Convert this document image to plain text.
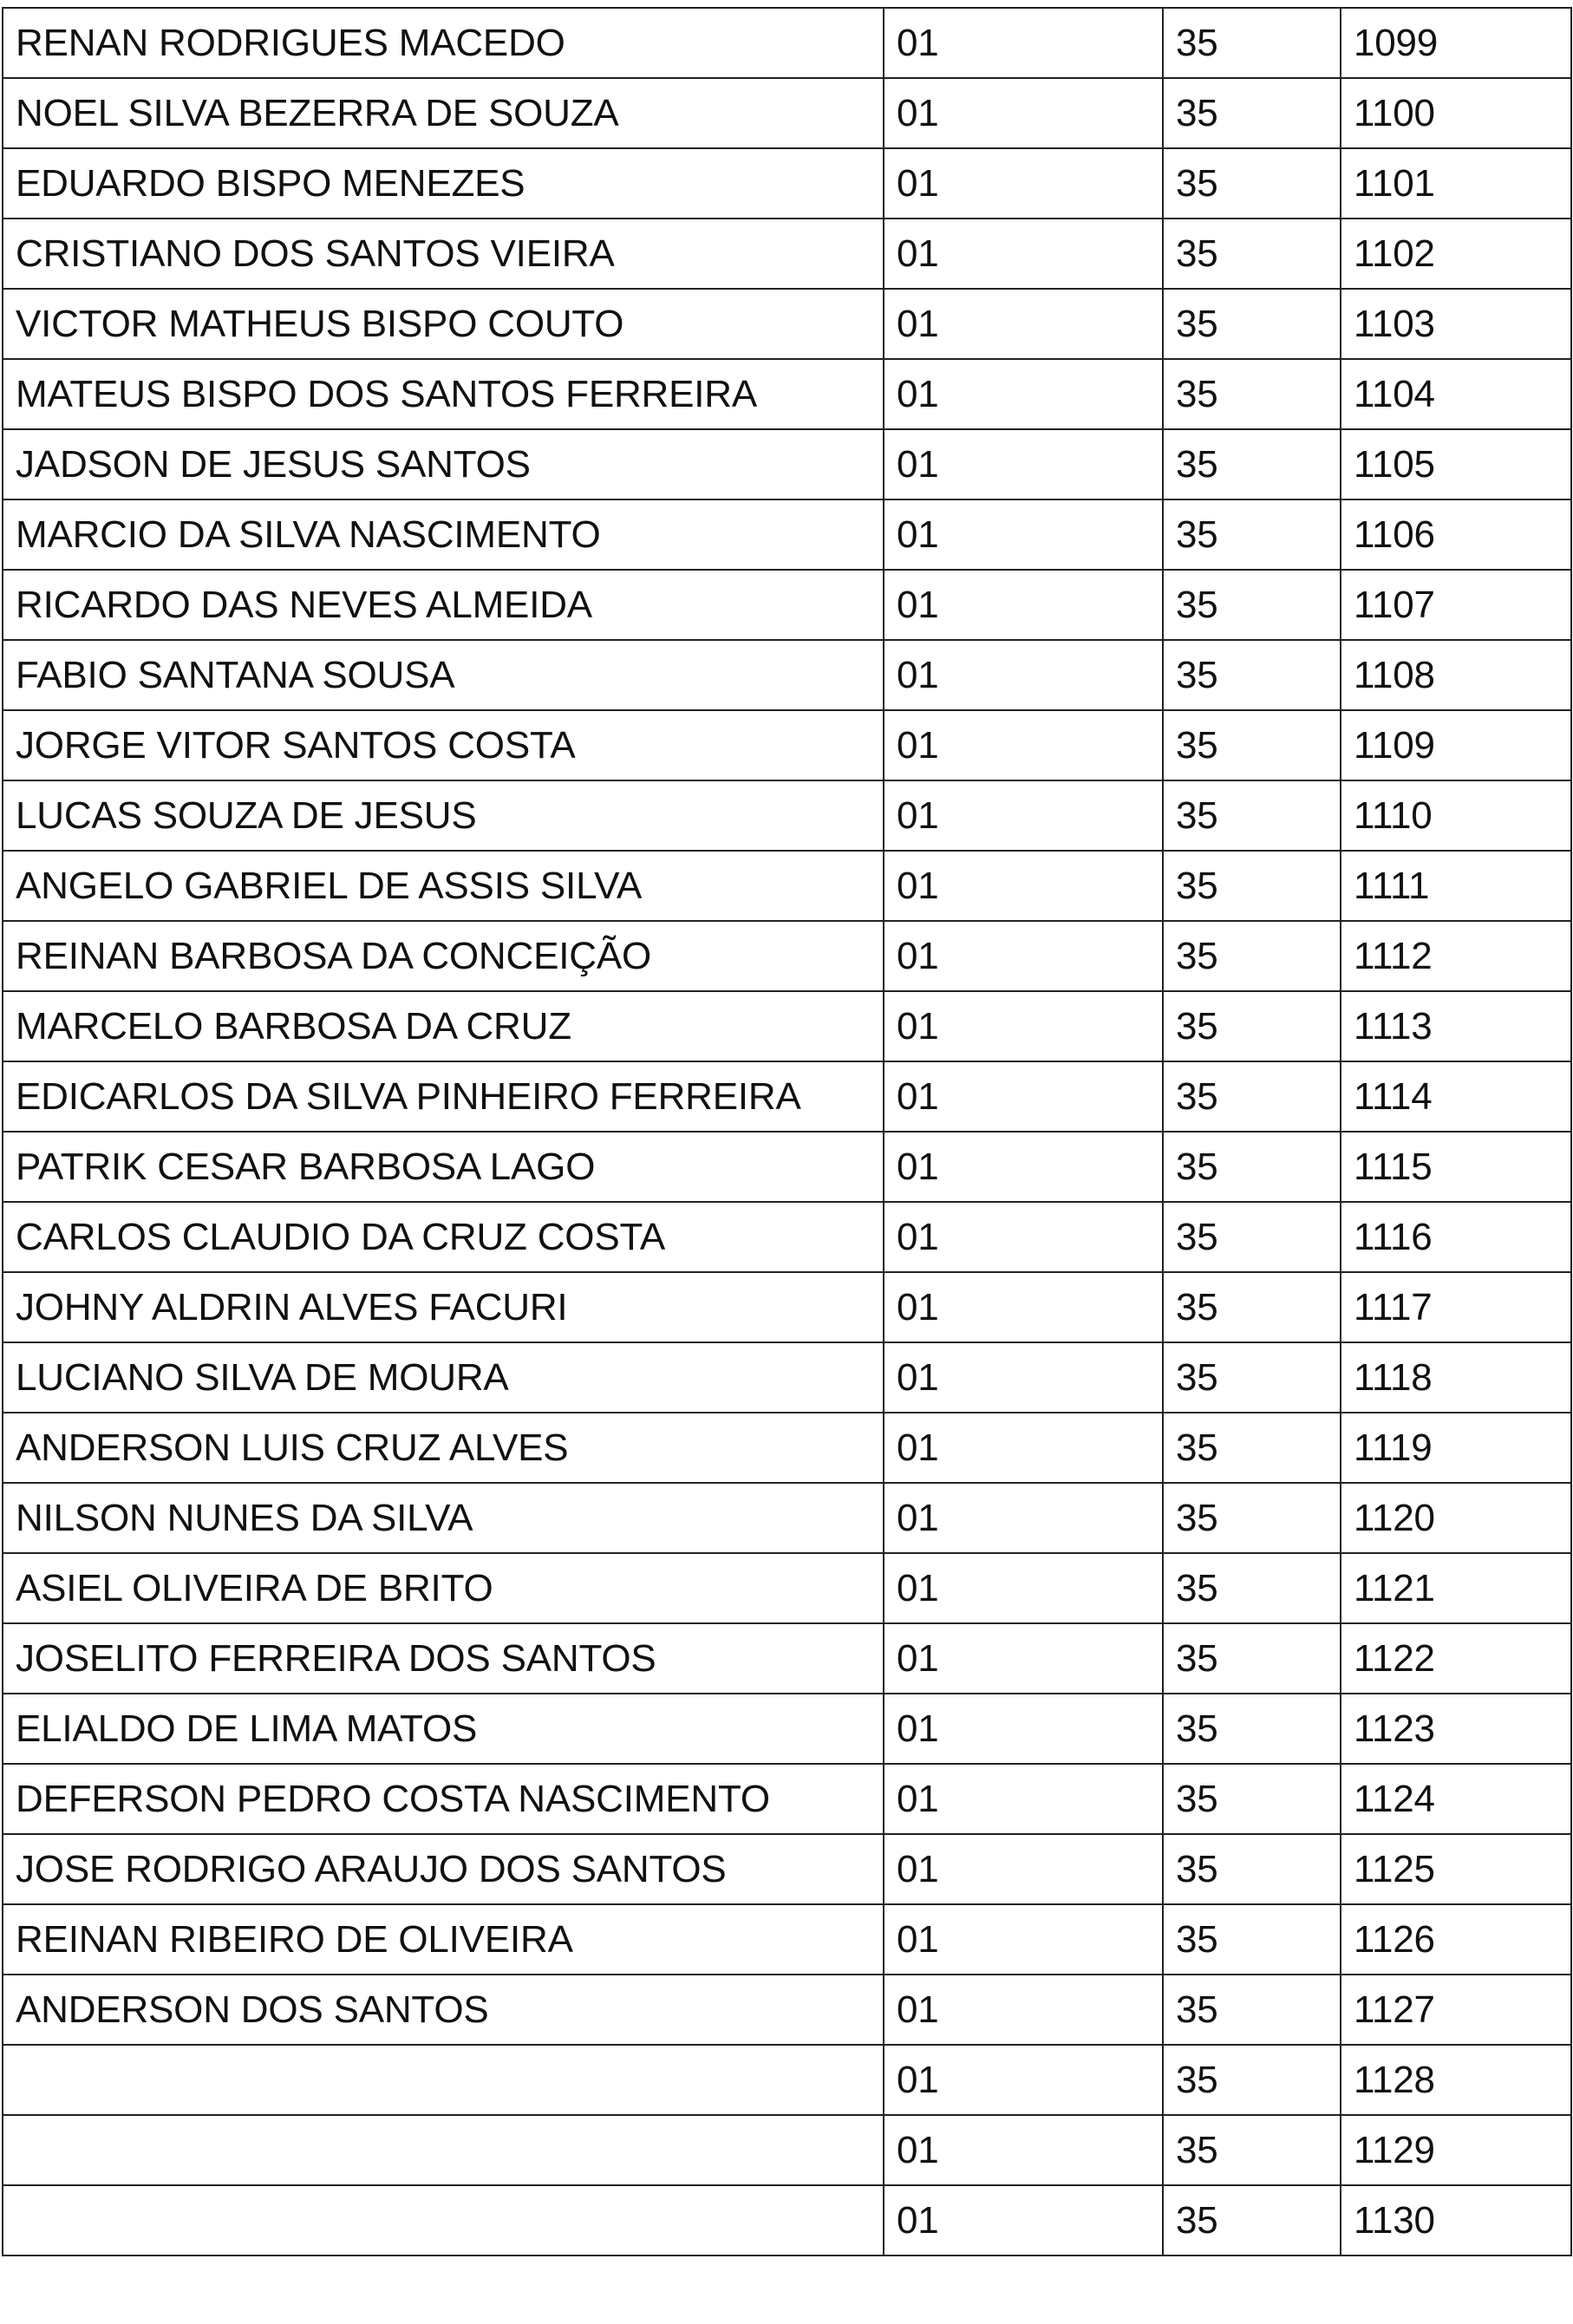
RENAN RODRIGUES MACEDO	01	35	1099
NOEL SILVA BEZERRA DE SOUZA	01	35	1100
EDUARDO BISPO MENEZES	01	35	1101
CRISTIANO DOS SANTOS VIEIRA	01	35	1102
VICTOR MATHEUS BISPO COUTO	01	35	1103
MATEUS BISPO DOS SANTOS FERREIRA	01	35	1104
JADSON DE JESUS SANTOS	01	35	1105
MARCIO DA SILVA NASCIMENTO	01	35	1106
RICARDO DAS NEVES ALMEIDA	01	35	1107
FABIO SANTANA SOUSA	01	35	1108
JORGE VITOR SANTOS COSTA	01	35	1109
LUCAS SOUZA DE JESUS	01	35	1110
ANGELO GABRIEL DE ASSIS SILVA	01	35	1111
REINAN BARBOSA DA CONCEIÇÃO	01	35	1112
MARCELO BARBOSA DA CRUZ	01	35	1113
EDICARLOS DA SILVA PINHEIRO FERREIRA	01	35	1114
PATRIK CESAR BARBOSA LAGO	01	35	1115
CARLOS CLAUDIO DA CRUZ COSTA	01	35	1116
JOHNY ALDRIN ALVES FACURI	01	35	1117
LUCIANO SILVA DE MOURA	01	35	1118
ANDERSON LUIS CRUZ ALVES	01	35	1119
NILSON NUNES DA SILVA	01	35	1120
ASIEL OLIVEIRA DE BRITO	01	35	1121
JOSELITO FERREIRA DOS SANTOS	01	35	1122
ELIALDO DE LIMA MATOS	01	35	1123
DEFERSON PEDRO COSTA NASCIMENTO	01	35	1124
JOSE RODRIGO ARAUJO DOS SANTOS	01	35	1125
REINAN RIBEIRO DE OLIVEIRA	01	35	1126
ANDERSON DOS SANTOS	01	35	1127
	01	35	1128
	01	35	1129
	01	35	1130
